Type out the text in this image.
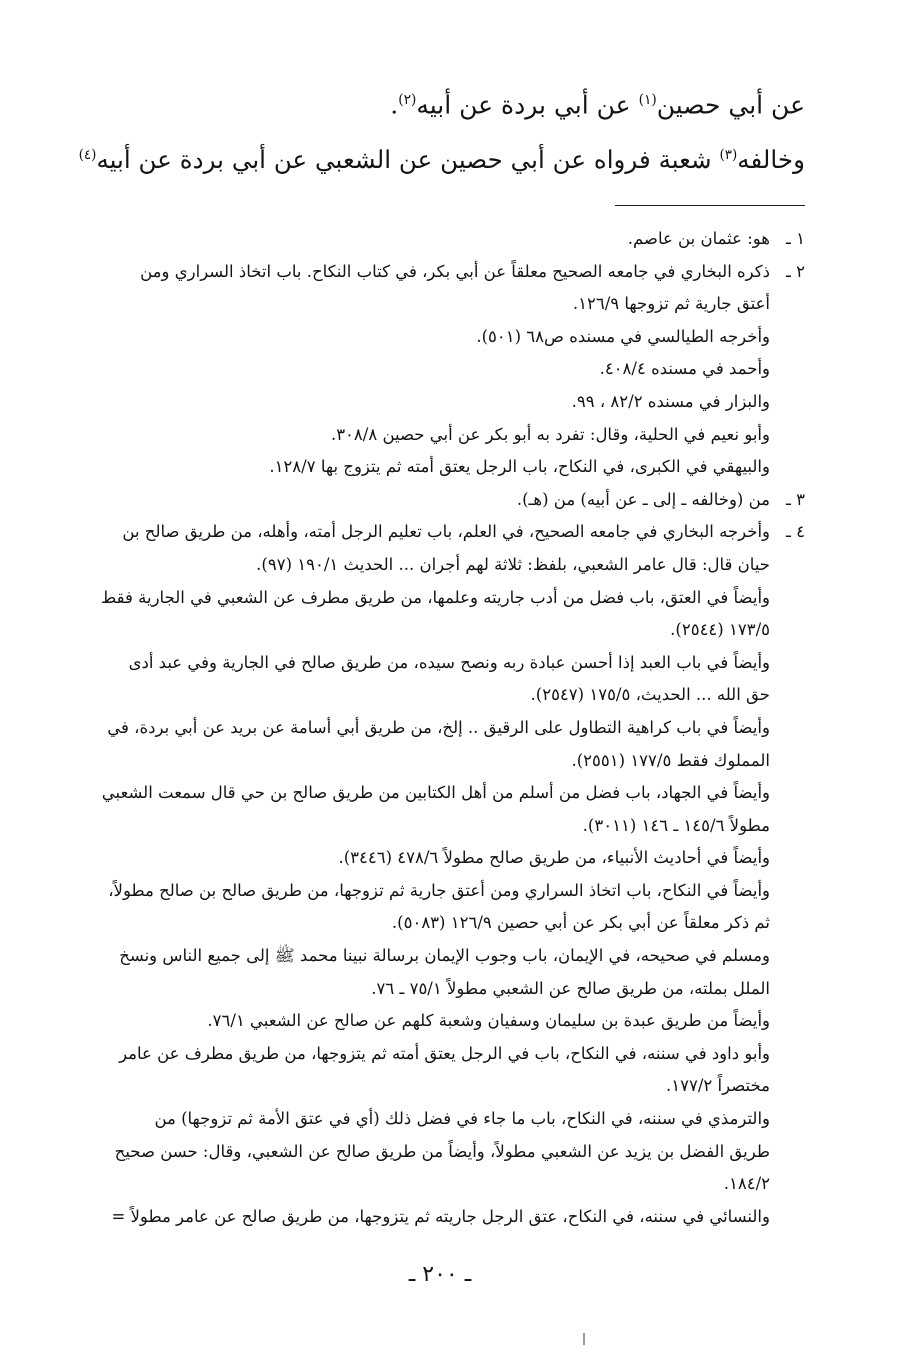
عن أبي حصين$^{(١)}$ عن أبي بردة عن أبيه$^{(٢)}$.
وخالفه$^{(٣)}$ شعبة فرواه عن أبي حصين عن الشعبي عن أبي بردة عن أبيه$^{(٤)}$
١ ـهو: عثمان بن عاصم.
٢ ـذكره البخاري في جامعه الصحيح معلقاً عن أبي بكر، في كتاب النكاح. باب اتخاذ السراري ومن
أعتق جارية ثم تزوجها ١٢٦/٩.
وأخرجه الطيالسي في مسنده ص٦٨ (٥٠١).
وأحمد في مسنده ٤٠٨/٤.
والبزار في مسنده ٨٢/٢ ، ٩٩.
وأبو نعيم في الحلية، وقال: تفرد به أبو بكر عن أبي حصين ٣٠٨/٨.
والبيهقي في الكبرى، في النكاح، باب الرجل يعتق أمته ثم يتزوج بها ١٢٨/٧.
٣ ـمن (وخالفه ـ إلى ـ عن أبيه) من (هـ).
٤ ـوأخرجه البخاري في جامعه الصحيح، في العلم، باب تعليم الرجل أمته، وأهله، من طريق صالح بن
حيان قال: قال عامر الشعبي، بلفظ: ثلاثة لهم أجران ... الحديث ١٩٠/١ (٩٧).
وأيضاً في العتق، باب فضل من أدب جاريته وعلمها، من طريق مطرف عن الشعبي في الجارية فقط
١٧٣/٥ (٢٥٤٤).
وأيضاً في باب العبد إذا أحسن عبادة ربه ونصح سيده، من طريق صالح في الجارية وفي عبد أدى
حق الله ... الحديث، ١٧٥/٥ (٢٥٤٧).
وأيضاً في باب كراهية التطاول على الرقيق .. إلخ، من طريق أبي أسامة عن بريد عن أبي بردة، في
المملوك فقط ١٧٧/٥ (٢٥٥١).
وأيضاً في الجهاد، باب فضل من أسلم من أهل الكتابين من طريق صالح بن حي قال سمعت الشعبي
مطولاً ١٤٥/٦ ـ ١٤٦ (٣٠١١).
وأيضاً في أحاديث الأنبياء، من طريق صالح مطولاً ٤٧٨/٦ (٣٤٤٦).
وأيضاً في النكاح، باب اتخاذ السراري ومن أعتق جارية ثم تزوجها، من طريق صالح بن صالح مطولاً،
ثم ذكر معلقاً عن أبي بكر عن أبي حصين ١٢٦/٩ (٥٠٨٣).
ومسلم في صحيحه، في الإيمان، باب وجوب الإيمان برسالة نبينا محمد ﷺ إلى جميع الناس ونسخ
الملل بملته، من طريق صالح عن الشعبي مطولاً ٧٥/١ ـ ٧٦.
وأيضاً من طريق عبدة بن سليمان وسفيان وشعبة كلهم عن صالح عن الشعبي ٧٦/١.
وأبو داود في سننه، في النكاح، باب في الرجل يعتق أمته ثم يتزوجها، من طريق مطرف عن عامر
مختصراً ١٧٧/٢.
والترمذي في سننه، في النكاح، باب ما جاء في فضل ذلك (أي في عتق الأمة ثم تزوجها) من
طريق الفضل بن يزيد عن الشعبي مطولاً، وأيضاً من طريق صالح عن الشعبي، وقال: حسن صحيح
١٨٤/٢.
والنسائي في سننه، في النكاح، عتق الرجل جاريته ثم يتزوجها، من طريق صالح عن عامر مطولاً =
ـ ٢٠٠ ـ
